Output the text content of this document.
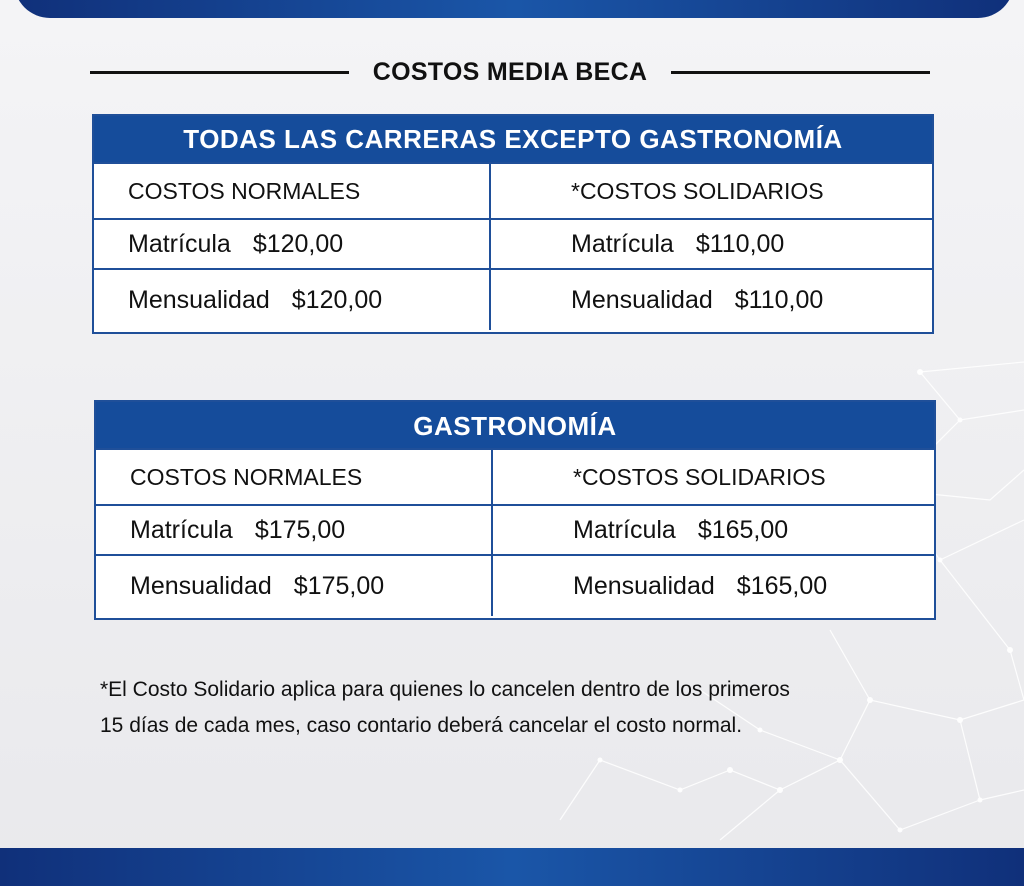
COSTOS MEDIA BECA
TODAS LAS CARRERAS EXCEPTO GASTRONOMÍA
COSTOS NORMALES	*COSTOS SOLIDARIOS
Matrícula $120,00	Matrícula $110,00
Mensualidad $120,00	Mensualidad $110,00
GASTRONOMÍA
COSTOS NORMALES	*COSTOS SOLIDARIOS
Matrícula $175,00	Matrícula $165,00
Mensualidad $175,00	Mensualidad $165,00
*El Costo Solidario aplica para quienes lo cancelen dentro de los primeros
15 días de cada mes, caso contario deberá cancelar el costo normal.
